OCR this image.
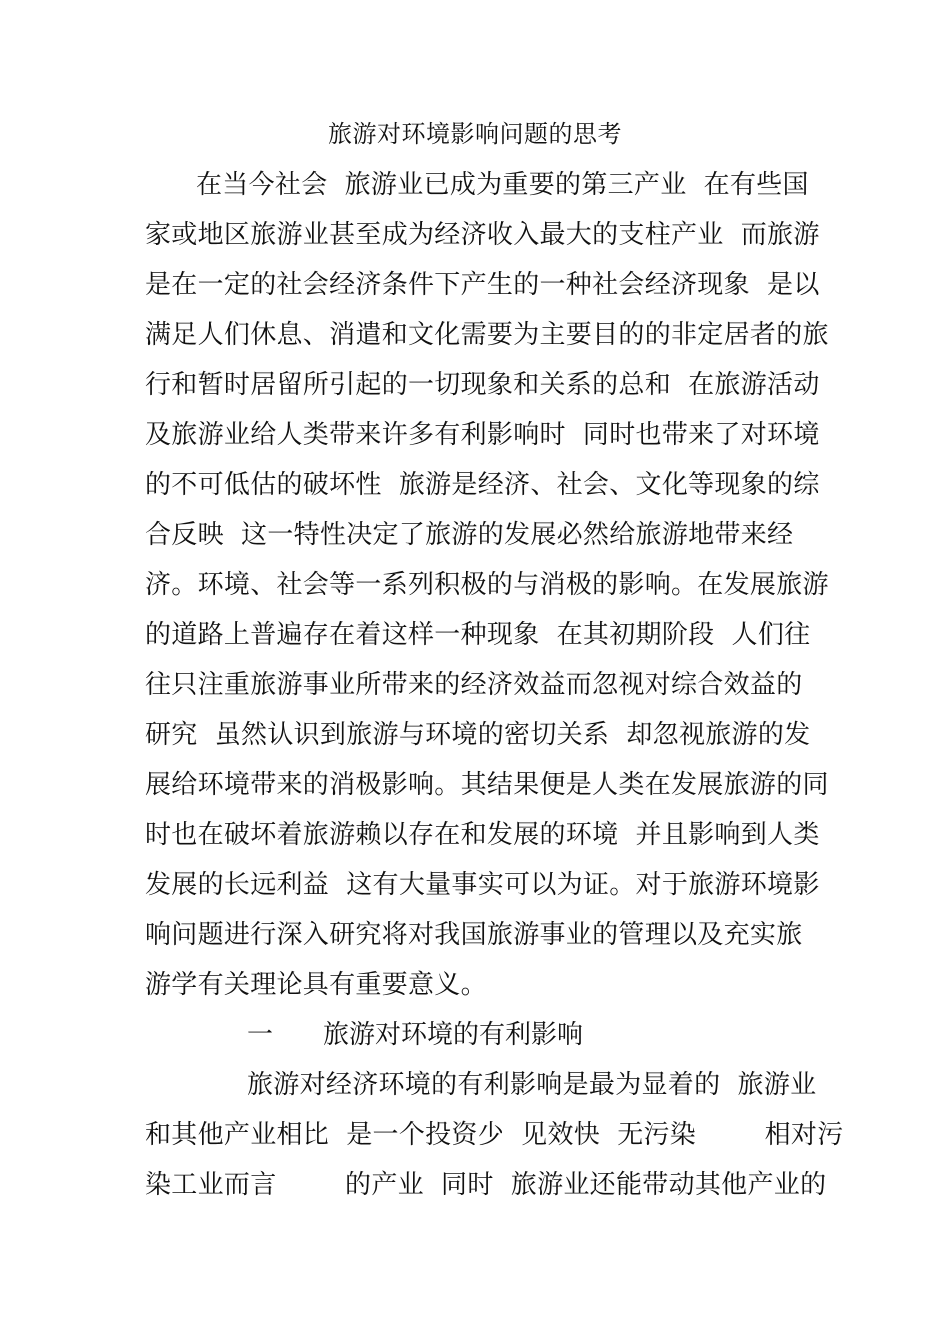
旅游对环境影响问题的思考
在当今社会  旅游业已成为重要的第三产业  在有些国
家或地区旅游业甚至成为经济收入最大的支柱产业  而旅游
是在一定的社会经济条件下产生的一种社会经济现象  是以
满足人们休息、消遣和文化需要为主要目的的非定居者的旅
行和暂时居留所引起的一切现象和关系的总和  在旅游活动
及旅游业给人类带来许多有利影响时  同时也带来了对环境
的不可低估的破坏性  旅游是经济、社会、文化等现象的综
合反映  这一特性决定了旅游的发展必然给旅游地带来经
济。环境、社会等一系列积极的与消极的影响。在发展旅游
的道路上普遍存在着这样一种现象  在其初期阶段  人们往
往只注重旅游事业所带来的经济效益而忽视对综合效益的
研究  虽然认识到旅游与环境的密切关系  却忽视旅游的发
展给环境带来的消极影响。其结果便是人类在发展旅游的同
时也在破坏着旅游赖以存在和发展的环境  并且影响到人类
发展的长远利益  这有大量事实可以为证。对于旅游环境影
响问题进行深入研究将对我国旅游事业的管理以及充实旅
游学有关理论具有重要意义。
一 旅游对环境的有利影响
旅游对经济环境的有利影响是最为显着的  旅游业
和其他产业相比  是一个投资少  见效快  无污染        相对污
染工业而言        的产业  同时  旅游业还能带动其他产业的
